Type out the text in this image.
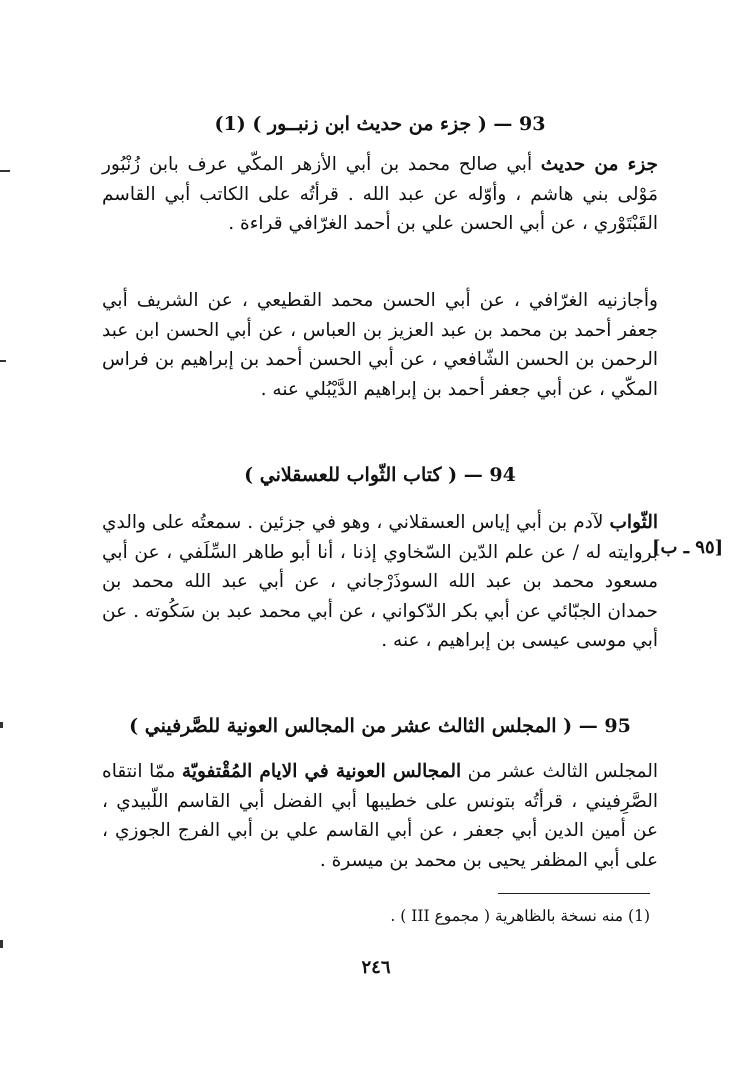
93 — ( جزء من حديث ابن زنبــور ) (1)
جزء من حديث أبي صالح محمد بن أبي الأزهر المكّي عرف بابن زُنْبُور مَوْلى بني هاشم ، وأوّله عن عبد الله . قرأتُه على الكاتب أبي القاسم القَبْتَوْري ، عن أبي الحسن علي بن أحمد الغرّافي قراءة .
وأجازنيه الغرّافي ، عن أبي الحسن محمد القطيعي ، عن الشريف أبي جعفر أحمد بن محمد بن عبد العزيز بن العباس ، عن أبي الحسن ابن عبد الرحمن بن الحسن الشّافعي ، عن أبي الحسن أحمد بن إبراهيم بن فراس المكّي ، عن أبي جعفر أحمد بن إبراهيم الدَّيْبُلي عنه .
94 — ( كتاب الثّواب للعسقلاني )
الثّواب لآدم بن أبي إياس العسقلاني ، وهو في جزئين . سمعتُه على والدي بروايته له / عن علم الدّين السّخاوي إذنا ، أنا أبو طاهر السِّلَفي ، عن أبي مسعود محمد بن عبد الله السوذَرْجاني ، عن أبي عبد الله محمد بن حمدان الجبّائي عن أبي بكر الدّكواني ، عن أبي محمد عبد بن سَكُوته . عن أبي موسى عيسى بن إبراهيم ، عنه .
[٩٥ ـ ب]
95 — ( المجلس الثالث عشر من المجالس العونية للصَّرفيني )
المجلس الثالث عشر من المجالس العونية في الايام المُقْتفويّة ممّا انتقاه الصَّرِفيني ، قرأتُه بتونس على خطيبها أبي الفضل أبي القاسم اللّبيدي ، عن أمين الدين أبي جعفر ، عن أبي القاسم علي بن أبي الفرج الجوزي ، على أبي المظفر يحيى بن محمد بن ميسرة .
(1) منه نسخة بالظاهرية ( مجموع III ) .
٢٤٦
